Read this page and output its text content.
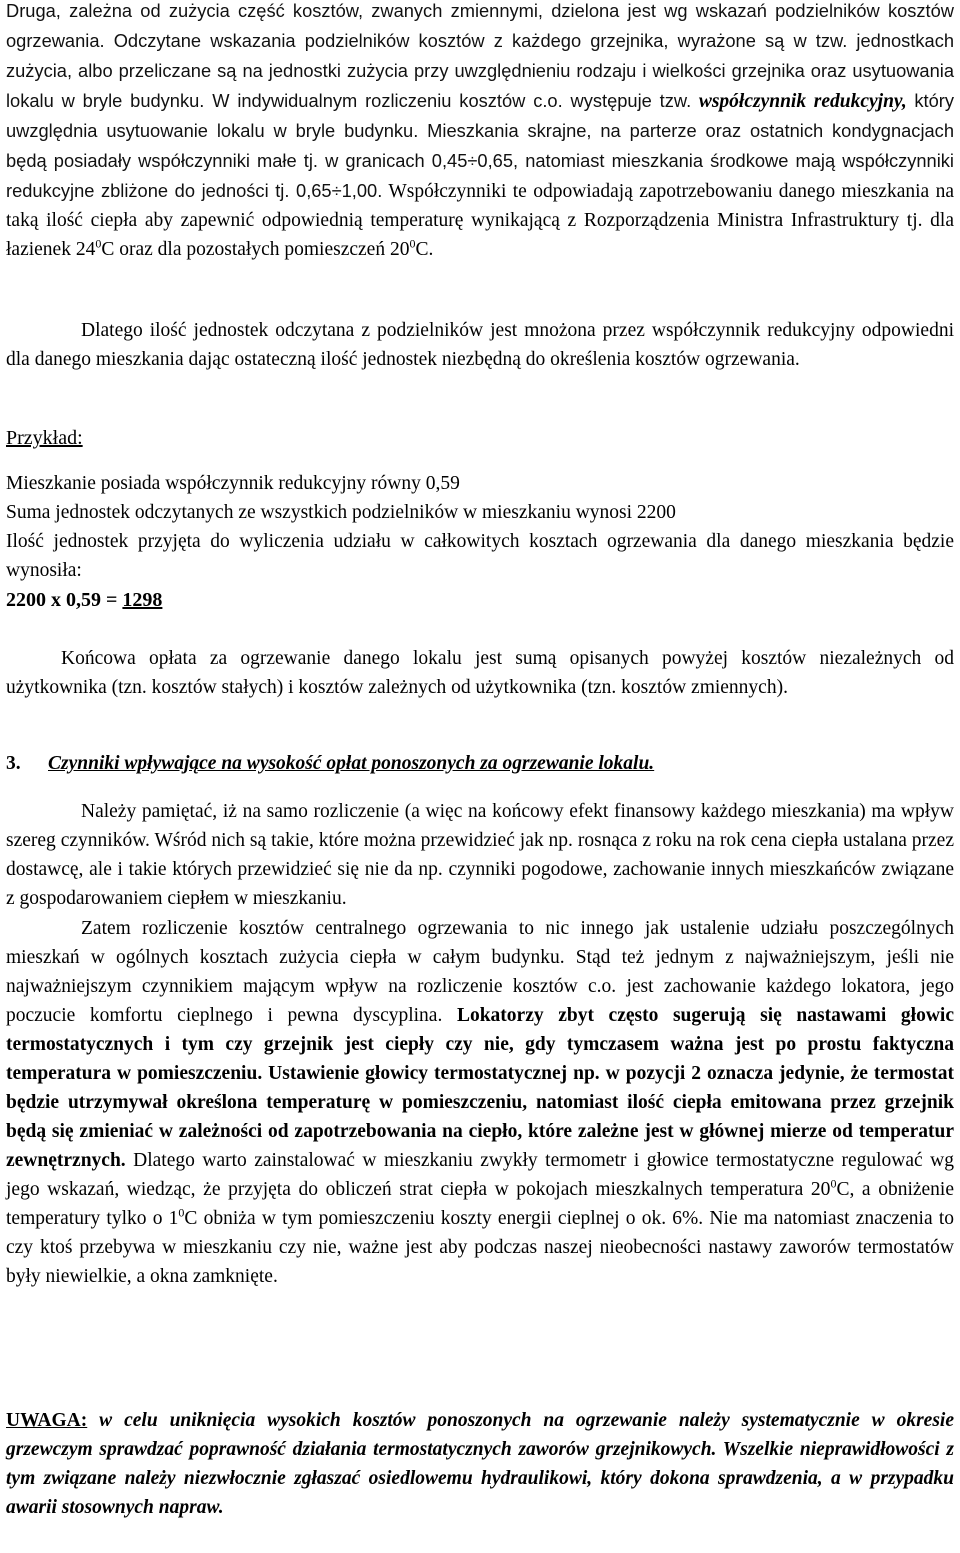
Druga, zależna od zużycia część kosztów, zwanych zmiennymi, dzielona jest wg wskazań podzielników kosztów ogrzewania. Odczytane wskazania podzielników kosztów z każdego grzejnika, wyrażone są w tzw. jednostkach zużycia, albo przeliczane są na jednostki zużycia przy uwzględnieniu rodzaju i wielkości grzejnika oraz usytuowania lokalu w bryle budynku. W indywidualnym rozliczeniu kosztów c.o. występuje tzw. współczynnik redukcyjny, który uwzględnia usytuowanie lokalu w bryle budynku. Mieszkania skrajne, na parterze oraz ostatnich kondygnacjach będą posiadały współczynniki małe tj. w granicach 0,45÷0,65, natomiast mieszkania środkowe mają współczynniki redukcyjne zbliżone do jedności tj. 0,65÷1,00. Współczynniki te odpowiadają zapotrzebowaniu danego mieszkania na taką ilość ciepła aby zapewnić odpowiednią temperaturę wynikającą z Rozporządzenia Ministra Infrastruktury tj. dla łazienek $24^0C$ oraz dla pozostałych pomieszczeń $20^0C$.

Dlatego ilość jednostek odczytana z podzielników jest mnożona przez współczynnik redukcyjny odpowiedni dla danego mieszkania dając ostateczną ilość jednostek niezbędną do określenia kosztów ogrzewania.

Przykład:

Mieszkanie posiada współczynnik redukcyjny równy 0,59

Suma jednostek odczytanych ze wszystkich podzielników w mieszkaniu wynosi 2200

Ilość jednostek przyjęta do wyliczenia udziału w całkowitych kosztach ogrzewania dla danego mieszkania będzie wynosiła:

2200 x 0,59 = 1298

Końcowa opłata za ogrzewanie danego lokalu jest sumą opisanych powyżej kosztów niezależnych od użytkownika (tzn. kosztów stałych) i kosztów zależnych od użytkownika (tzn. kosztów zmiennych).

3. Czynniki wpływające na wysokość opłat ponoszonych za ogrzewanie lokalu.

Należy pamiętać, iż na samo rozliczenie (a więc na końcowy efekt finansowy każdego mieszkania) ma wpływ szereg czynników. Wśród nich są takie, które można przewidzieć jak np. rosnąca z roku na rok cena ciepła ustalana przez dostawcę, ale i takie których przewidzieć się nie da np. czynniki pogodowe, zachowanie innych mieszkańców związane z gospodarowaniem ciepłem w mieszkaniu.

Zatem rozliczenie kosztów centralnego ogrzewania to nic innego jak ustalenie udziału poszczególnych mieszkań w ogólnych kosztach zużycia ciepła w całym budynku. Stąd też jednym z najważniejszym, jeśli nie najważniejszym czynnikiem mającym wpływ na rozliczenie kosztów c.o. jest zachowanie każdego lokatora, jego poczucie komfortu cieplnego i pewna dyscyplina. Lokatorzy zbyt często sugerują się nastawami głowic termostatycznych i tym czy grzejnik jest ciepły czy nie, gdy tymczasem ważna jest po prostu faktyczna temperatura w pomieszczeniu. Ustawienie głowicy termostatycznej np. w pozycji 2 oznacza jedynie, że termostat będzie utrzymywał określona temperaturę w pomieszczeniu, natomiast ilość ciepła emitowana przez grzejnik będą się zmieniać w zależności od zapotrzebowania na ciepło, które zależne jest w głównej mierze od temperatur zewnętrznych. Dlatego warto zainstalować w mieszkaniu zwykły termometr i głowice termostatyczne regulować wg jego wskazań, wiedząc, że przyjęta do obliczeń strat ciepła w pokojach mieszkalnych temperatura $20^0C$, a obniżenie temperatury tylko o $1^0C$ obniża w tym pomieszczeniu koszty energii cieplnej o ok. 6%. Nie ma natomiast znaczenia to czy ktoś przebywa w mieszkaniu czy nie, ważne jest aby podczas naszej nieobecności nastawy zaworów termostatów były niewielkie, a okna zamknięte.

UWAGA: w celu uniknięcia wysokich kosztów ponoszonych na ogrzewanie należy systematycznie w okresie grzewczym sprawdzać poprawność działania termostatycznych zaworów grzejnikowych. Wszelkie nieprawidłowości z tym związane należy niezwłocznie zgłaszać osiedlowemu hydraulikowi, który dokona sprawdzenia, a w przypadku awarii stosownych napraw.
